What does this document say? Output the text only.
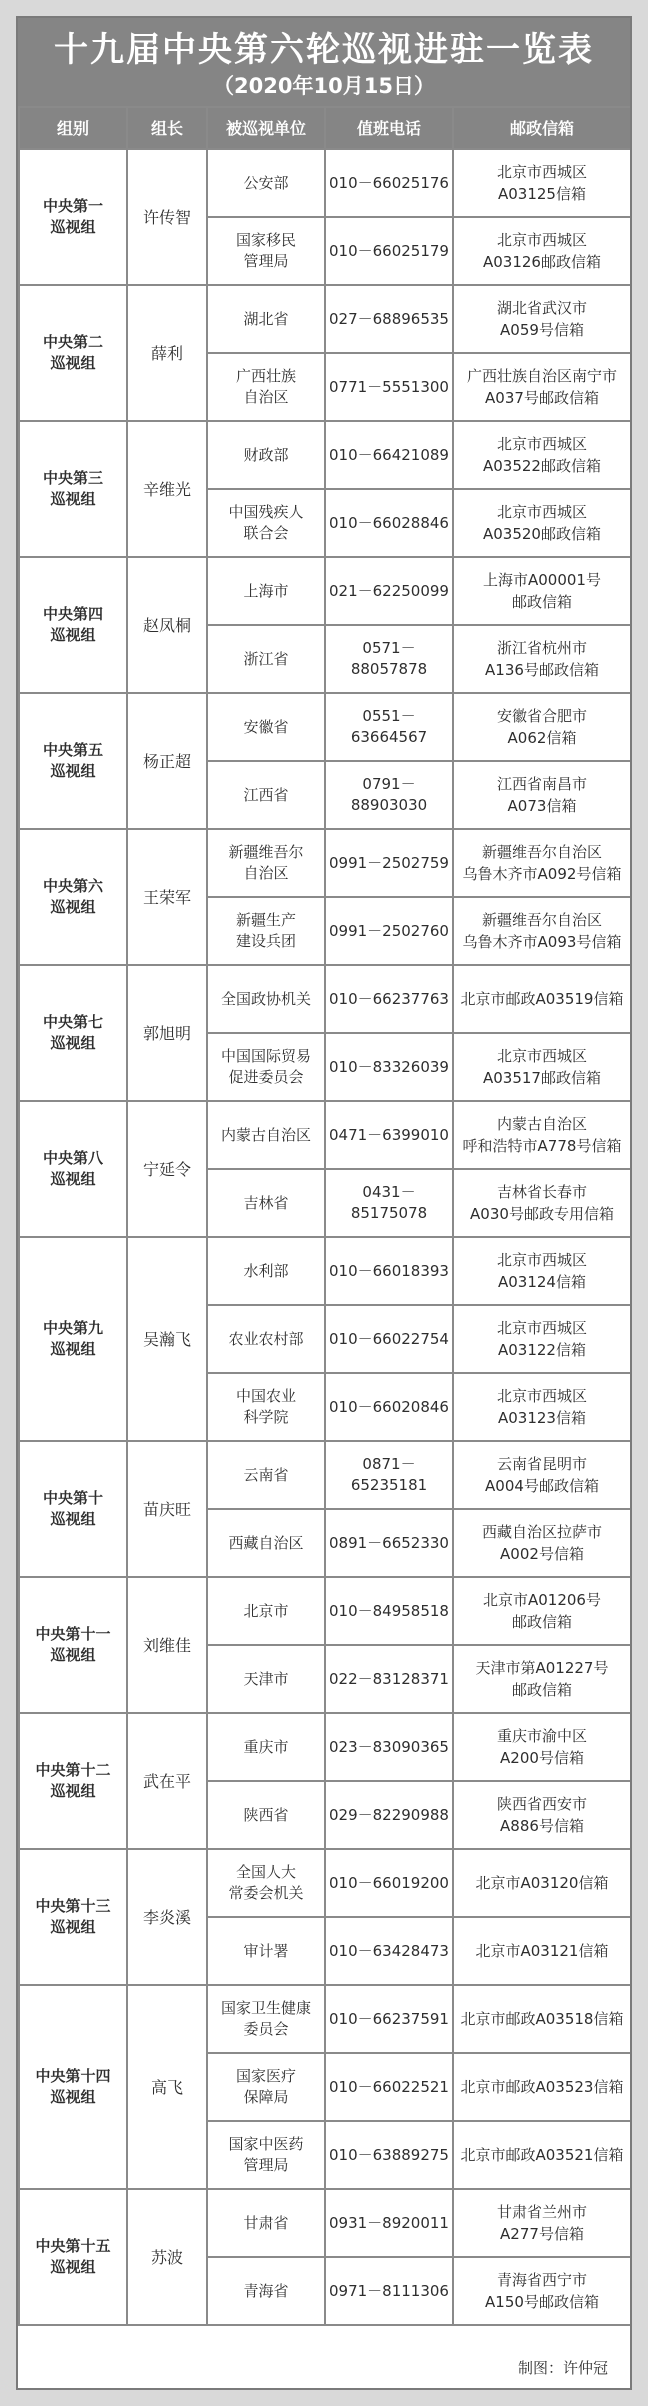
十九届中央第六轮巡视进驻一览表
（2020年10月15日）
组别	组长	被巡视单位	值班电话	邮政信箱
中央第一
巡视组	许传智	公安部	010－66025176	北京市西城区
A03125信箱
		国家移民
管理局	010－66025179	北京市西城区
A03126邮政信箱
中央第二
巡视组	薛利	湖北省	027－68896535	湖北省武汉市
A059号信箱
		广西壮族
自治区	0771－5551300	广西壮族自治区南宁市
A037号邮政信箱
中央第三
巡视组	辛维光	财政部	010－66421089	北京市西城区
A03522邮政信箱
		中国残疾人
联合会	010－66028846	北京市西城区
A03520邮政信箱
中央第四
巡视组	赵凤桐	上海市	021－62250099	上海市A00001号
邮政信箱
		浙江省	0571－88057878	浙江省杭州市
A136号邮政信箱
中央第五
巡视组	杨正超	安徽省	0551－63664567	安徽省合肥市
A062信箱
		江西省	0791－88903030	江西省南昌市
A073信箱
中央第六
巡视组	王荣军	新疆维吾尔
自治区	0991－2502759	新疆维吾尔自治区
乌鲁木齐市A092号信箱
		新疆生产
建设兵团	0991－2502760	新疆维吾尔自治区
乌鲁木齐市A093号信箱
中央第七
巡视组	郭旭明	全国政协机关	010－66237763	北京市邮政A03519信箱
		中国国际贸易
促进委员会	010－83326039	北京市西城区
A03517邮政信箱
中央第八
巡视组	宁延令	内蒙古自治区	0471－6399010	内蒙古自治区
呼和浩特市A778号信箱
		吉林省	0431－85175078	吉林省长春市
A030号邮政专用信箱
中央第九
巡视组	吴瀚飞	水利部	010－66018393	北京市西城区
A03124信箱
		农业农村部	010－66022754	北京市西城区
A03122信箱
		中国农业
科学院	010－66020846	北京市西城区
A03123信箱
中央第十
巡视组	苗庆旺	云南省	0871－65235181	云南省昆明市
A004号邮政信箱
		西藏自治区	0891－6652330	西藏自治区拉萨市
A002号信箱
中央第十一
巡视组	刘维佳	北京市	010－84958518	北京市A01206号
邮政信箱
		天津市	022－83128371	天津市第A01227号
邮政信箱
中央第十二
巡视组	武在平	重庆市	023－83090365	重庆市渝中区
A200号信箱
		陕西省	029－82290988	陕西省西安市
A886号信箱
中央第十三
巡视组	李炎溪	全国人大
常委会机关	010－66019200	北京市A03120信箱
		审计署	010－63428473	北京市A03121信箱
中央第十四
巡视组	高飞	国家卫生健康
委员会	010－66237591	北京市邮政A03518信箱
		国家医疗
保障局	010－66022521	北京市邮政A03523信箱
		国家中医药
管理局	010－63889275	北京市邮政A03521信箱
中央第十五
巡视组	苏波	甘肃省	0931－8920011	甘肃省兰州市
A277号信箱
		青海省	0971－8111306	青海省西宁市
A150号邮政信箱
制图：许仲冠
